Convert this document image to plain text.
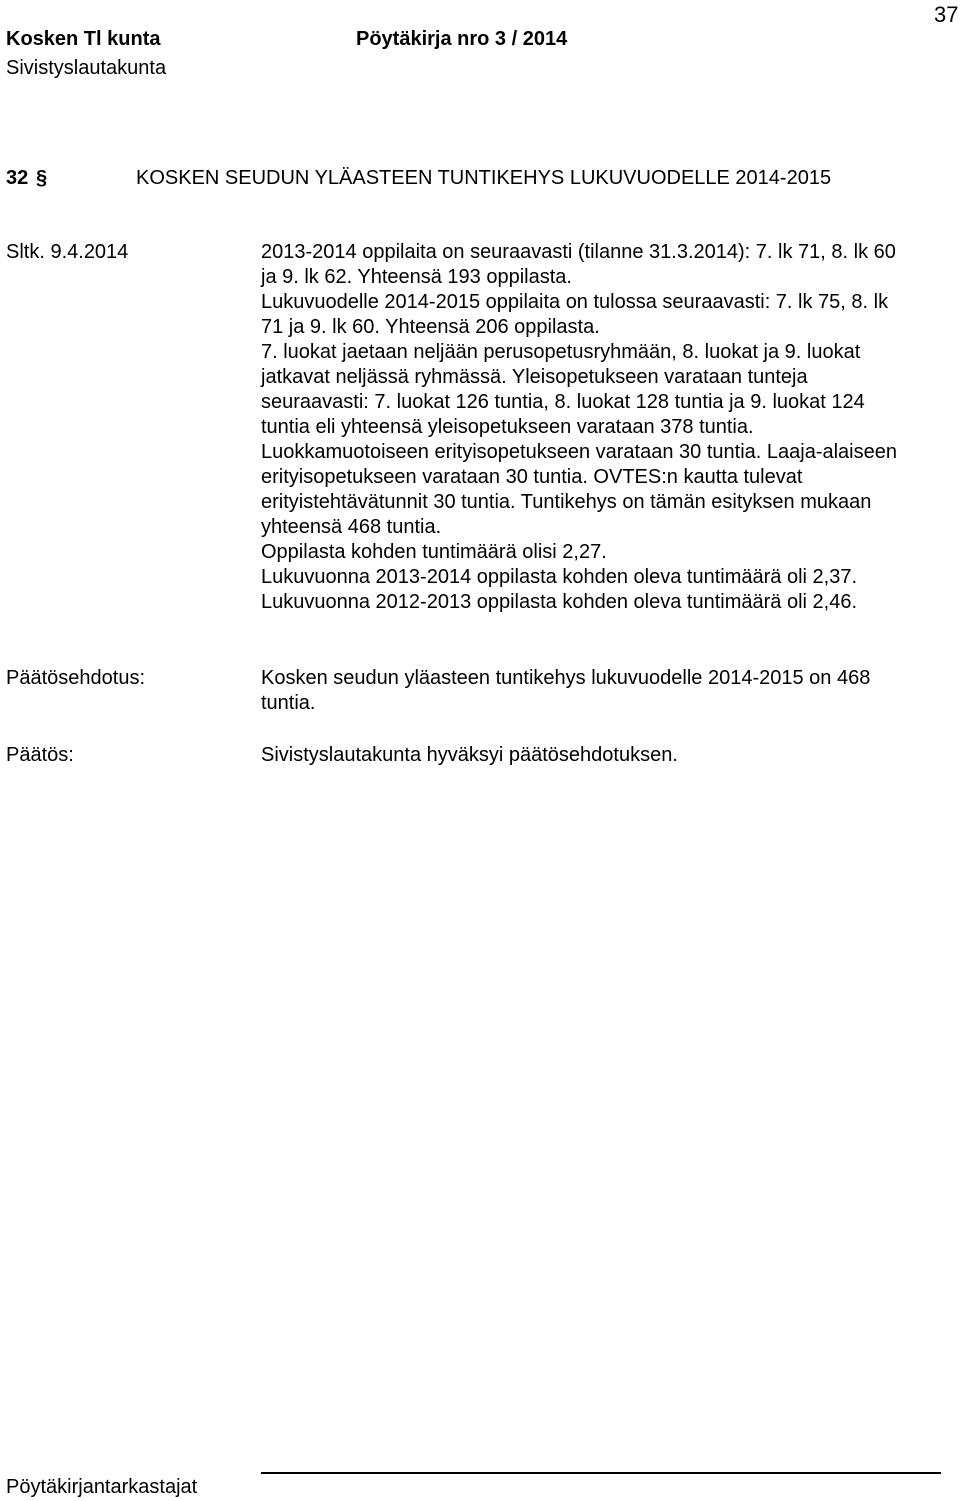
37
Kosken Tl kunta	Pöytäkirja nro 3 / 2014
Sivistyslautakunta
32 §	KOSKEN SEUDUN YLÄASTEEN TUNTIKEHYS LUKUVUODELLE 2014-2015
Sltk. 9.4.2014	2013-2014 oppilaita on seuraavasti (tilanne 31.3.2014): 7. lk 71, 8. lk 60

ja 9. lk 62. Yhteensä 193 oppilasta.

Lukuvuodelle 2014-2015 oppilaita on tulossa seuraavasti: 7. lk 75, 8. lk

71 ja 9. lk 60. Yhteensä 206 oppilasta.

7. luokat jaetaan neljään perusopetusryhmään, 8. luokat ja 9. luokat

jatkavat neljässä ryhmässä. Yleisopetukseen varataan tunteja

seuraavasti: 7. luokat 126 tuntia, 8. luokat 128 tuntia ja 9. luokat 124

tuntia eli yhteensä yleisopetukseen varataan 378 tuntia.

Luokkamuotoiseen erityisopetukseen varataan 30 tuntia. Laaja-alaiseen

erityisopetukseen varataan 30 tuntia. OVTES:n kautta tulevat

erityistehtävätunnit 30 tuntia. Tuntikehys on tämän esityksen mukaan

yhteensä 468 tuntia.

Oppilasta kohden tuntimäärä olisi 2,27.

Lukuvuonna 2013-2014 oppilasta kohden oleva tuntimäärä oli 2,37.

Lukuvuonna 2012-2013 oppilasta kohden oleva tuntimäärä oli 2,46.

Päätösehdotus:	Kosken seudun yläasteen tuntikehys lukuvuodelle 2014-2015 on 468

tuntia.

Päätös:	Sivistyslautakunta hyväksyi päätösehdotuksen.
Pöytäkirjantarkastajat
